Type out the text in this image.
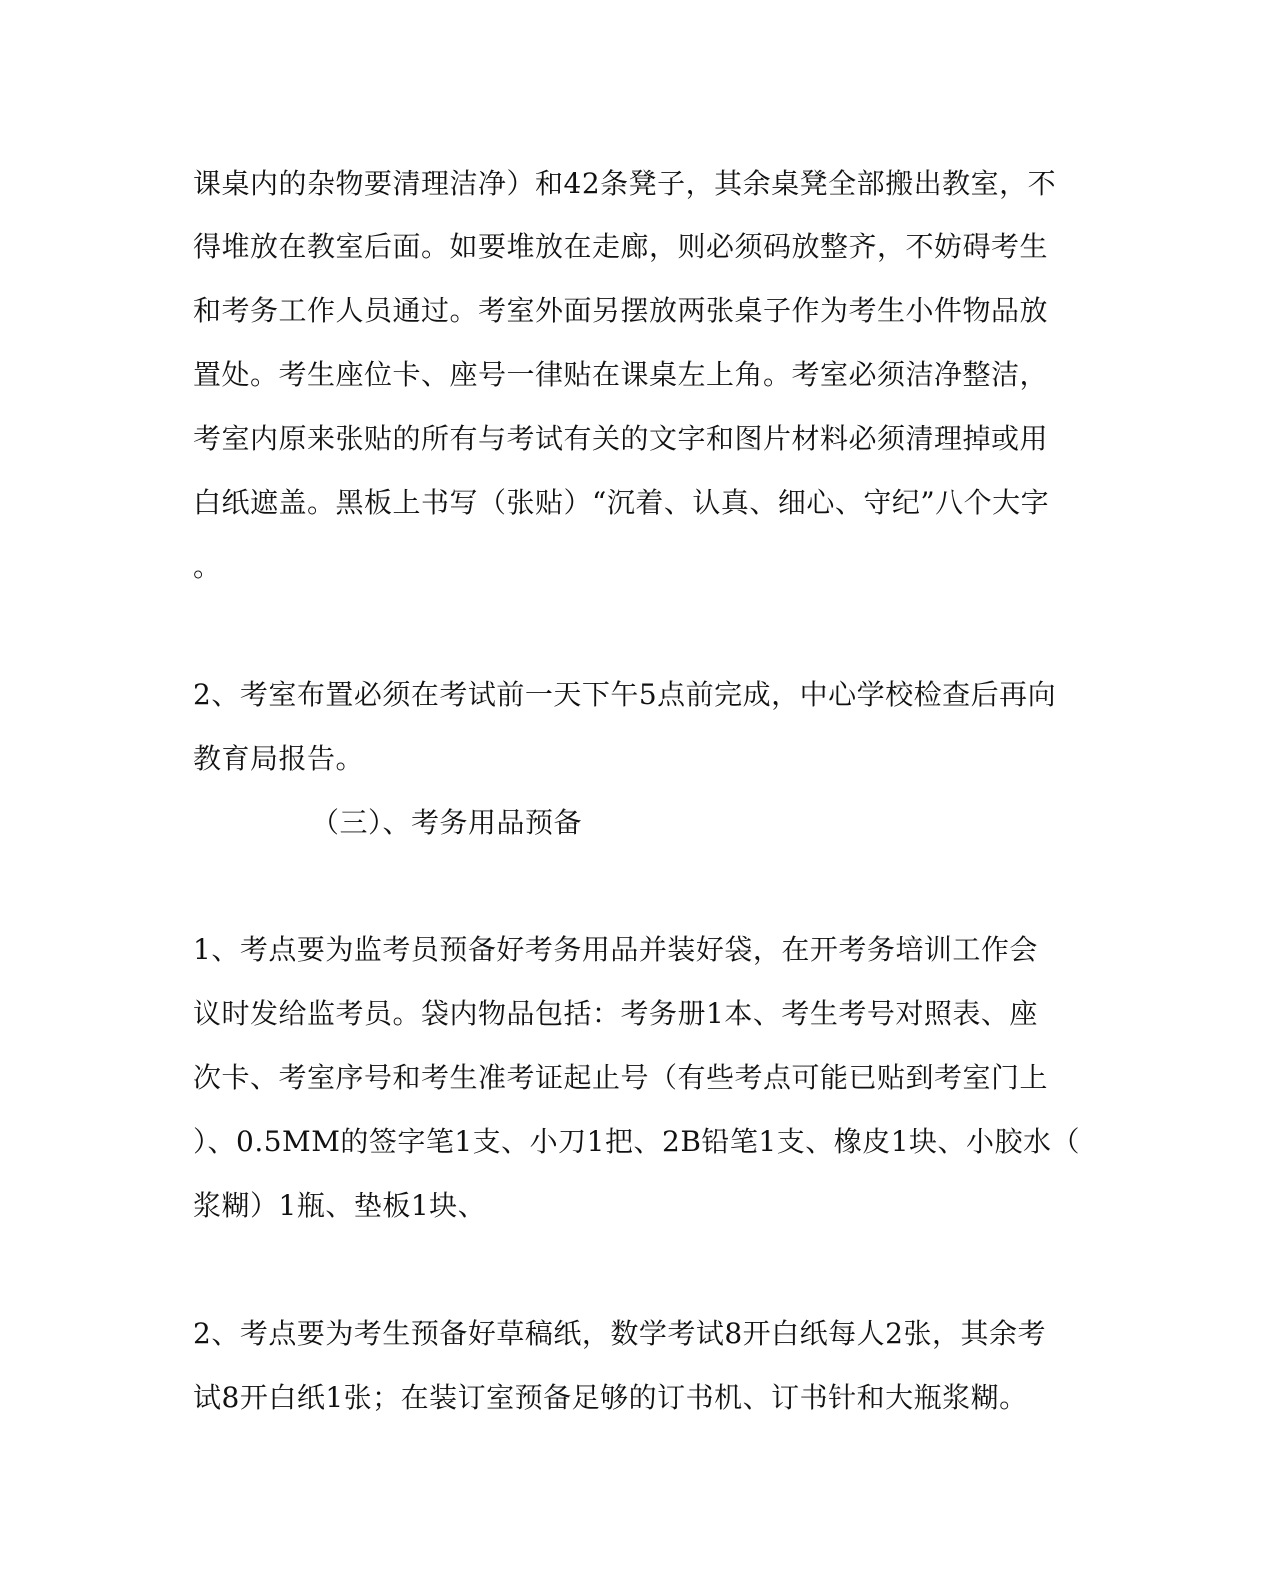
课桌内的杂物要清理洁净）和42条凳子，其余桌凳全部搬出教室，不
得堆放在教室后面。如要堆放在走廊，则必须码放整齐，不妨碍考生
和考务工作人员通过。考室外面另摆放两张桌子作为考生小件物品放
置处。考生座位卡、座号一律贴在课桌左上角。考室必须洁净整洁，
考室内原来张贴的所有与考试有关的文字和图片材料必须清理掉或用
白纸遮盖。黑板上书写（张贴）“沉着、认真、细心、守纪”八个大字
。
2、考室布置必须在考试前一天下午5点前完成，中心学校检查后再向
教育局报告。
（三）、考务用品预备
1、考点要为监考员预备好考务用品并装好袋，在开考务培训工作会
议时发给监考员。袋内物品包括：考务册1本、考生考号对照表、座
次卡、考室序号和考生准考证起止号（有些考点可能已贴到考室门上
）、0.5MM的签字笔1支、小刀1把、2B铅笔1支、橡皮1块、小胶水（
浆糊）1瓶、垫板1块、
2、考点要为考生预备好草稿纸，数学考试8开白纸每人2张，其余考
试8开白纸1张；在装订室预备足够的订书机、订书针和大瓶浆糊。
